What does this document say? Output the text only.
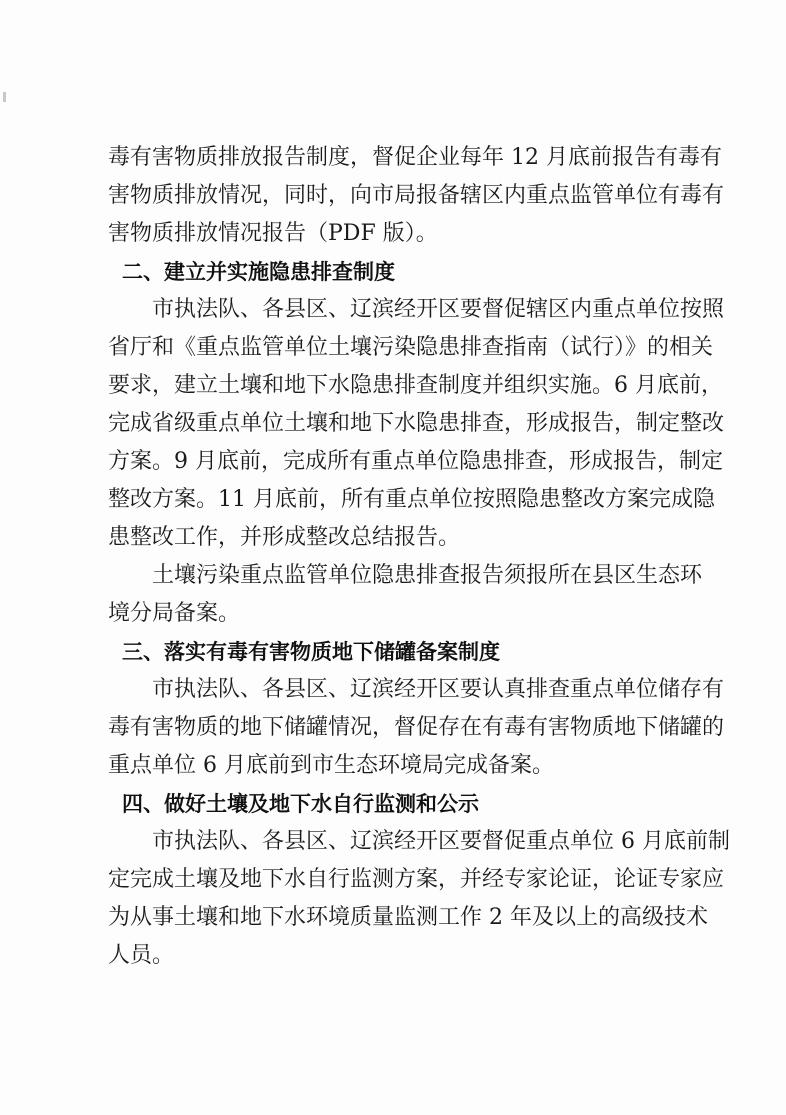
毒有害物质排放报告制度，督促企业每年 12 月底前报告有毒有
害物质排放情况，同时，向市局报备辖区内重点监管单位有毒有
害物质排放情况报告（PDF 版）。
二、建立并实施隐患排查制度
市执法队、各县区、辽滨经开区要督促辖区内重点单位按照
省厅和《重点监管单位土壤污染隐患排查指南（试行）》的相关
要求，建立土壤和地下水隐患排查制度并组织实施。6 月底前，
完成省级重点单位土壤和地下水隐患排查，形成报告，制定整改
方案。9 月底前，完成所有重点单位隐患排查，形成报告，制定
整改方案。11 月底前，所有重点单位按照隐患整改方案完成隐
患整改工作，并形成整改总结报告。
土壤污染重点监管单位隐患排查报告须报所在县区生态环
境分局备案。
三、落实有毒有害物质地下储罐备案制度
市执法队、各县区、辽滨经开区要认真排查重点单位储存有
毒有害物质的地下储罐情况，督促存在有毒有害物质地下储罐的
重点单位 6 月底前到市生态环境局完成备案。
四、做好土壤及地下水自行监测和公示
市执法队、各县区、辽滨经开区要督促重点单位 6 月底前制
定完成土壤及地下水自行监测方案，并经专家论证，论证专家应
为从事土壤和地下水环境质量监测工作 2 年及以上的高级技术
人员。
